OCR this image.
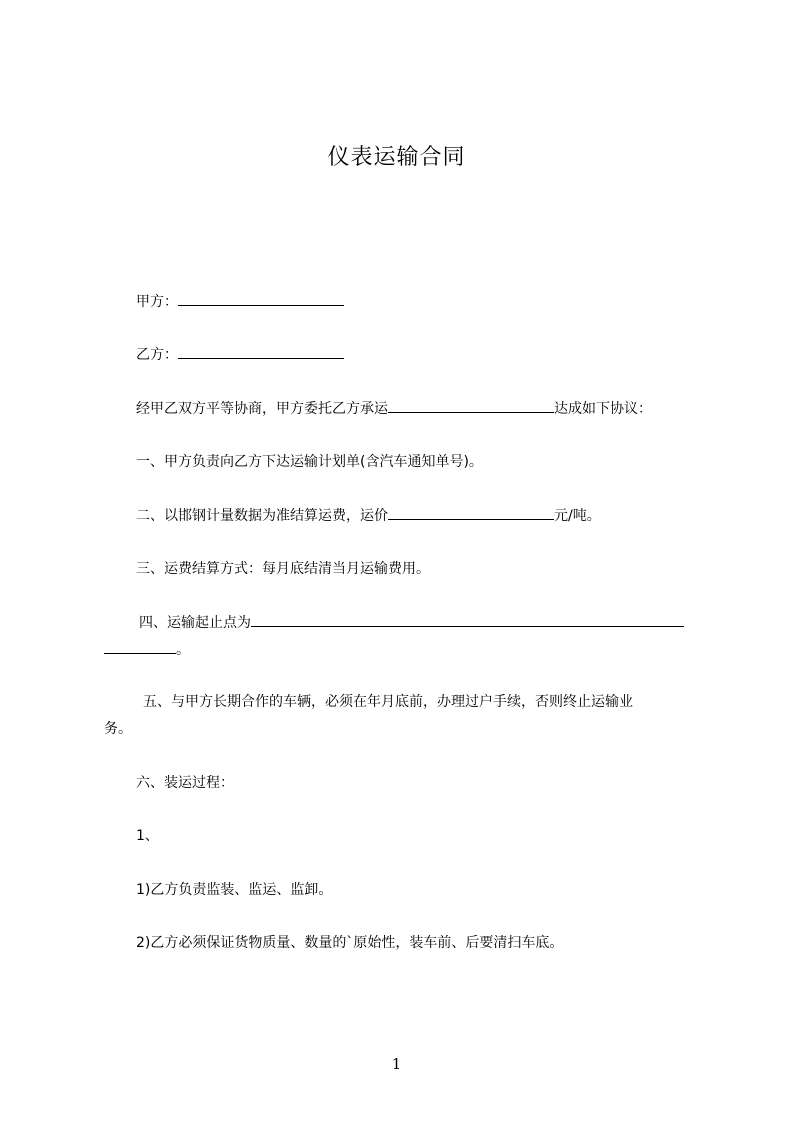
仪表运输合同
甲方：
乙方：
经甲乙双方平等协商，甲方委托乙方承运	达成如下协议：
一、甲方负责向乙方下达运输计划单(含汽车通知单号)。
二、以邯钢计量数据为准结算运费，运价	元/吨。
三、运费结算方式：每月底结清当月运输费用。
四、运输起止点为
。
五、与甲方长期合作的车辆，必须在年月底前，办理过户手续，否则终止运输业
务。
六、装运过程：
1、
1)乙方负责监装、监运、监卸。
2)乙方必须保证货物质量、数量的`原始性，装车前、后要清扫车底。
1
